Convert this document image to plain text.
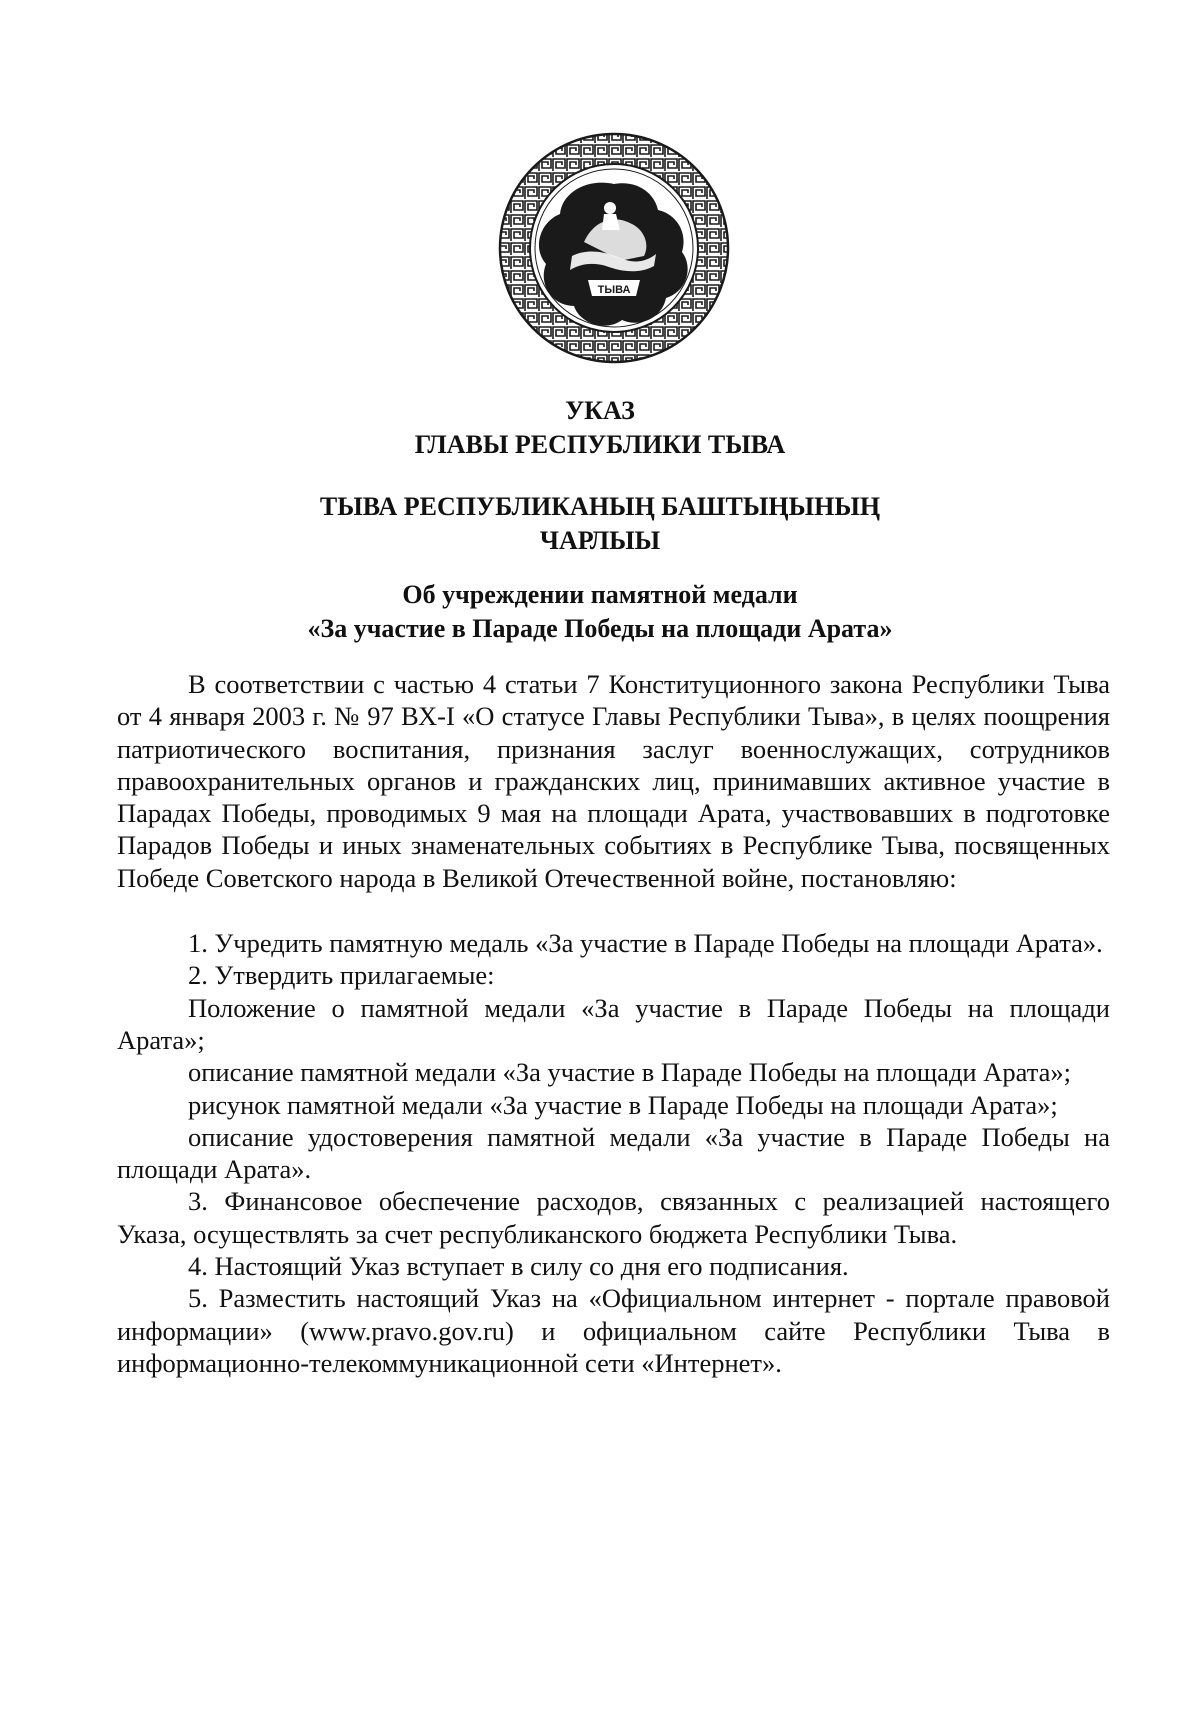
ТЫВА
УКАЗ
ГЛАВЫ РЕСПУБЛИКИ ТЫВА
ТЫВА РЕСПУБЛИКАНЫҢ БАШТЫҢЫНЫҢ
ЧАРЛЫЫ
Об учреждении памятной медали
«За участие в Параде Победы на площади Арата»

В соответствии с частью 4 статьи 7 Конституционного закона Республики Тыва от 4 января 2003 г. № 97 ВХ-I «О статусе Главы Республики Тыва», в целях поощрения патриотического воспитания, признания заслуг военнослужащих, сотрудников правоохранительных органов и гражданских лиц, принимавших активное участие в Парадах Победы, проводимых 9 мая на площади Арата, участвовавших в подготовке Парадов Победы и иных знаменательных событиях в Республике Тыва, посвященных Победе Советского народа в Великой Отечественной войне, постановляю:

1. Учредить памятную медаль «За участие в Параде Победы на площади Арата».

2. Утвердить прилагаемые:

Положение о памятной медали «За участие в Параде Победы на площади Арата»;

описание памятной медали «За участие в Параде Победы на площади Арата»;

рисунок памятной медали «За участие в Параде Победы на площади Арата»;

описание удостоверения памятной медали «За участие в Параде Победы на площади Арата».

3. Финансовое обеспечение расходов, связанных с реализацией настоящего Указа, осуществлять за счет республиканского бюджета Республики Тыва.

4. Настоящий Указ вступает в силу со дня его подписания.

5. Разместить настоящий Указ на «Официальном интернет - портале правовой информации» (www.pravo.gov.ru) и официальном сайте Республики Тыва в информационно-телекоммуникационной сети «Интернет».
